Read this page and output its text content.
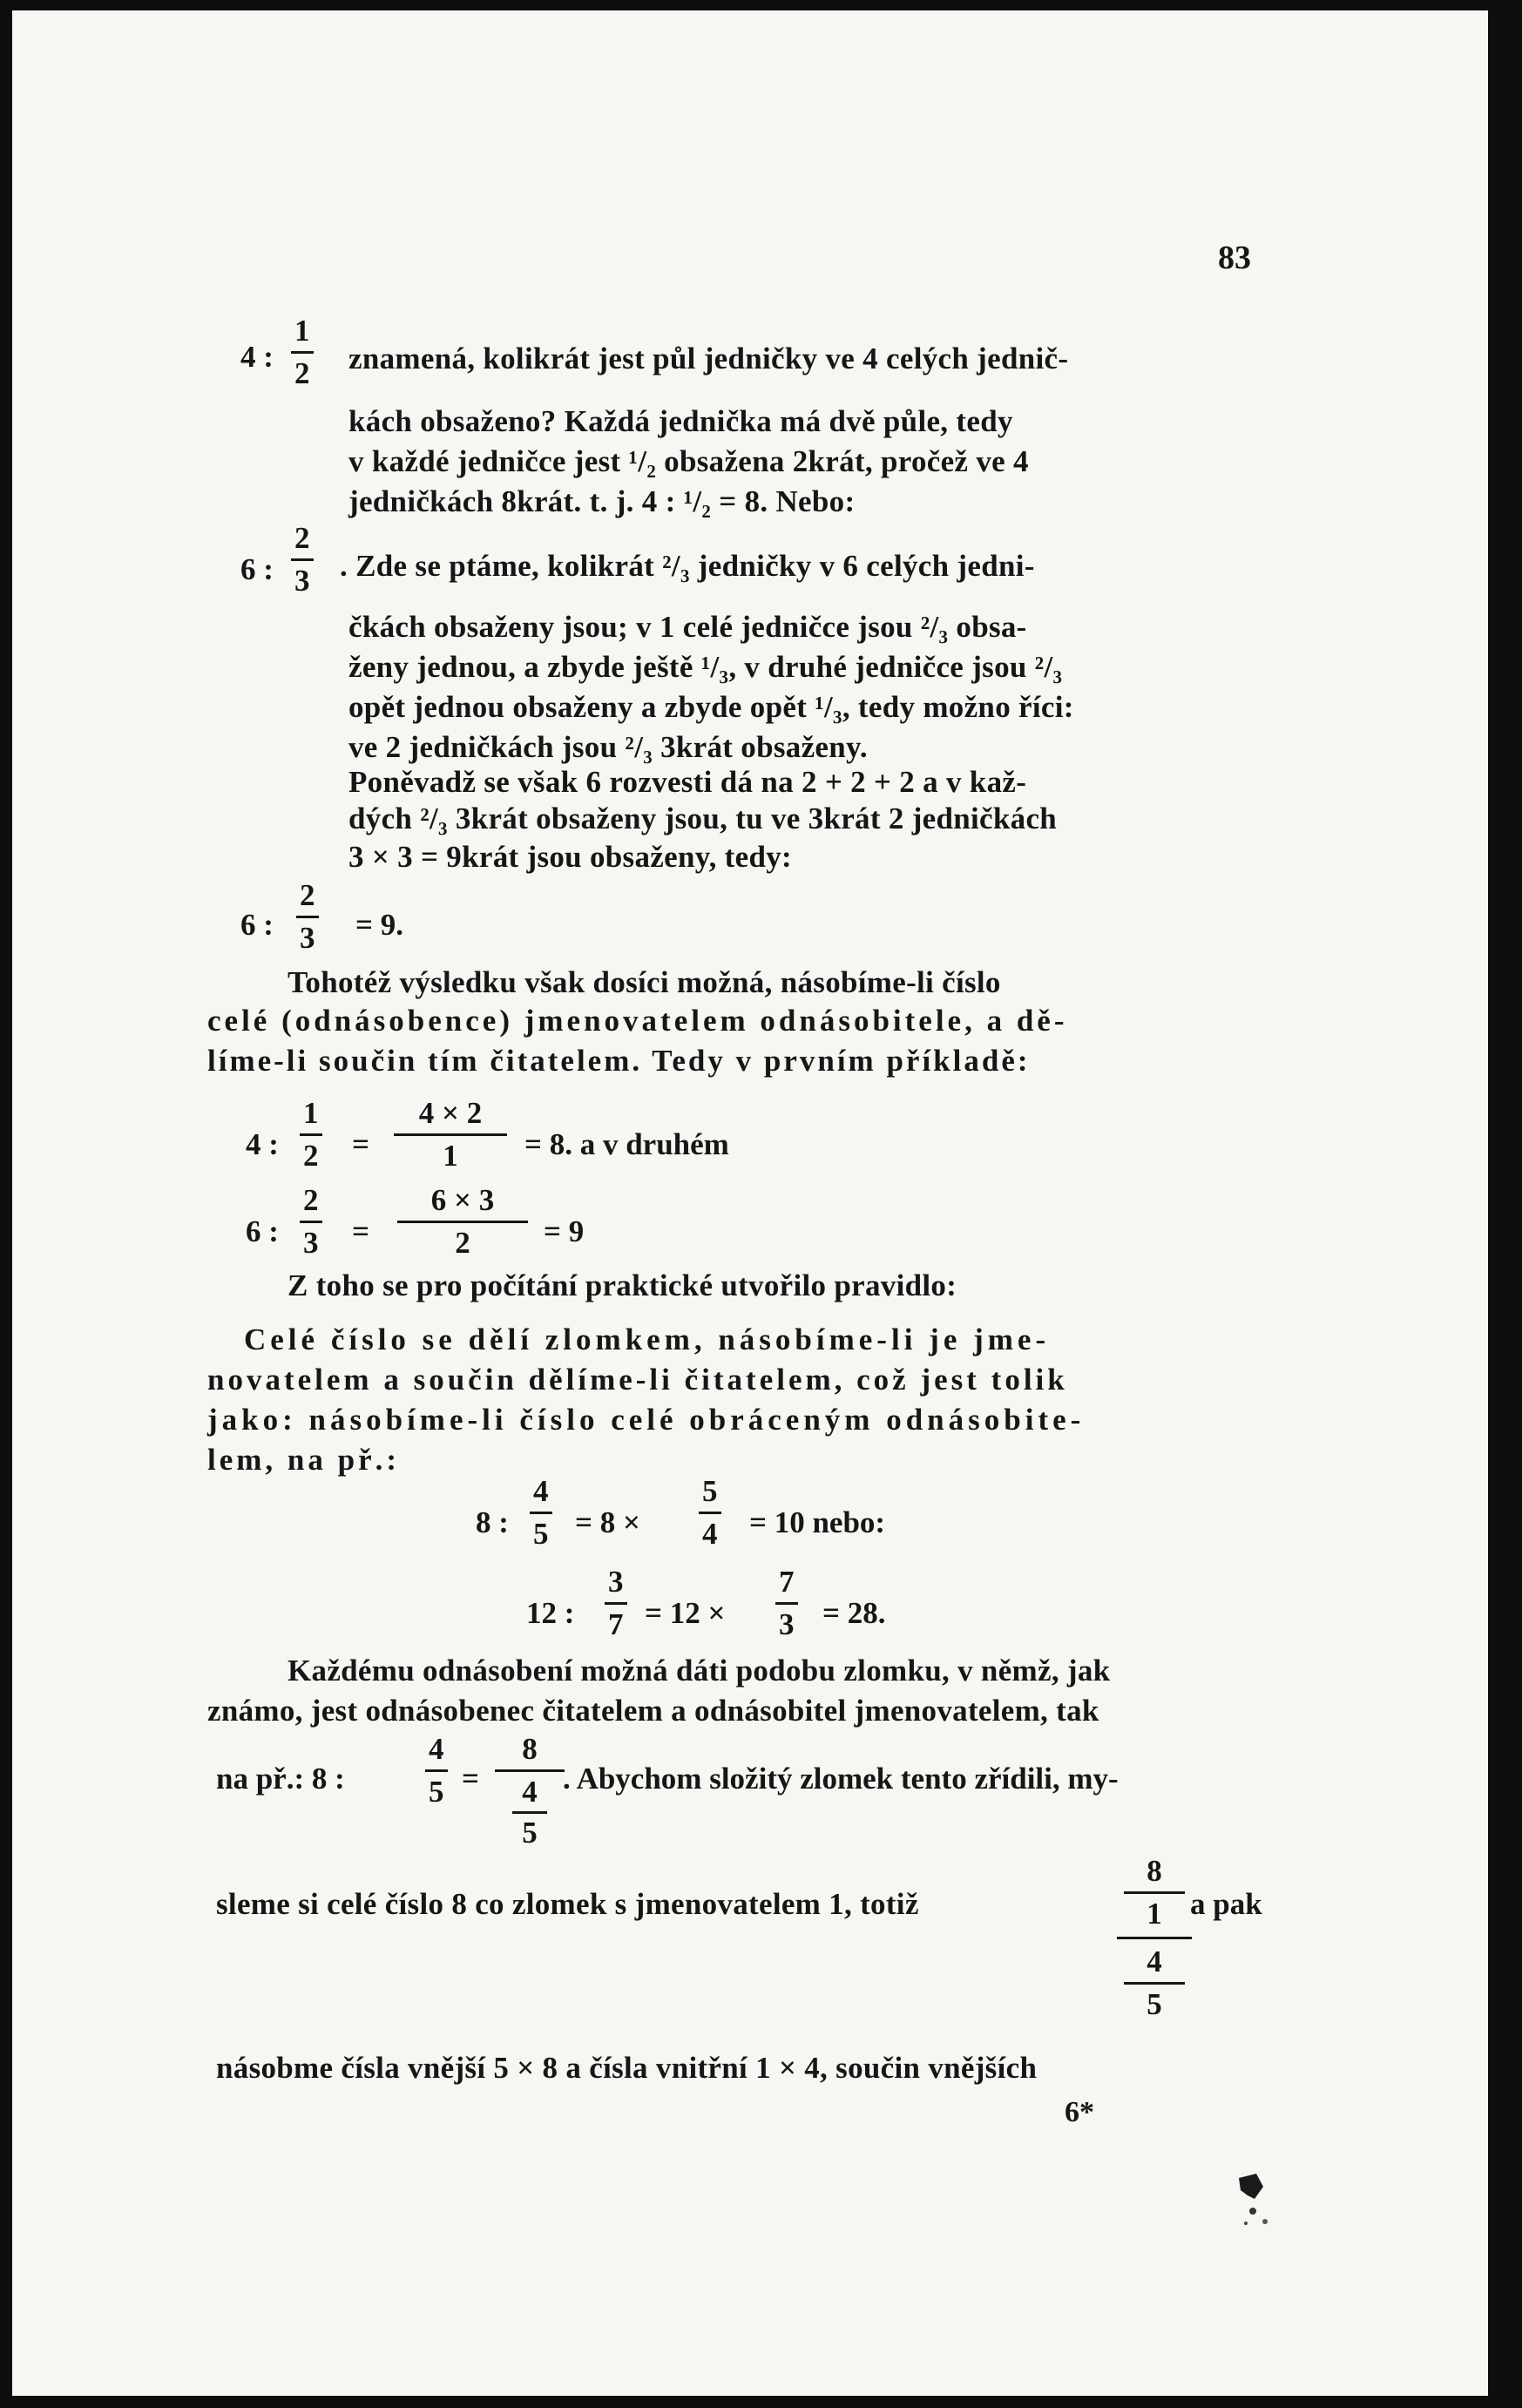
83
4 :
1
2 znamená, kolikrát jest půl jedničky ve 4 celých jednič-
kách obsaženo? Každá jednička má dvě půle, tedy
v každé jedničce jest ¹/₂ obsažena 2krát, pročež ve 4
jedničkách 8krát. t. j. 4 : ¹/₂ = 8. Nebo:
6 :
2
3 . Zde se ptáme, kolikrát ²/₃ jedničky v 6 celých jedni-
čkách obsaženy jsou; v 1 celé jedničce jsou ²/₃ obsa-
ženy jednou, a zbyde ještě ¹/₃, v druhé jedničce jsou ²/₃
opět jednou obsaženy a zbyde opět ¹/₃, tedy možno říci:
ve 2 jedničkách jsou ²/₃ 3krát obsaženy.
Poněvadž se však 6 rozvesti dá na 2 + 2 + 2 a v kaž-
dých ²/₃ 3krát obsaženy jsou, tu ve 3krát 2 jedničkách
3 × 3 = 9krát jsou obsaženy, tedy:
6 :
2
3 = 9.
Tohotéž výsledku však dosíci možná, násobíme-li číslo
celé (odnásobence) jmenovatelem odnásobitele, a dě-
líme-li součin tím čitatelem. Tedy v prvním příkladě:
4 :
1
2 =
4 × 2
1 = 8. a v druhém
6 :
2
3 =
6 × 3
2 = 9
Z toho se pro počítání praktické utvořilo pravidlo:
Celé číslo se dělí zlomkem, násobíme-li je jme-
novatelem a součin dělíme-li čitatelem, což jest tolik
jako: násobíme-li číslo celé obráceným odnásobite-
lem, na př.:
8 :
4
5 = 8 ×
5
4 = 10 nebo:
12 :
3
7 = 12 ×
7
3 = 28.
Každému odnásobení možná dáti podobu zlomku, v němž, jak
známo, jest odnásobenec čitatelem a odnásobitel jmenovatelem, tak
na př.: 8 :
4
5 =
8
4
5
. Abychom složitý zlomek tento zřídili, my-
sleme si celé číslo 8 co zlomek s jmenovatelem 1, totiž
8
1
4
5
a pak
násobme čísla vnější 5 × 8 a čísla vnitřní 1 × 4, součin vnějších
6*
